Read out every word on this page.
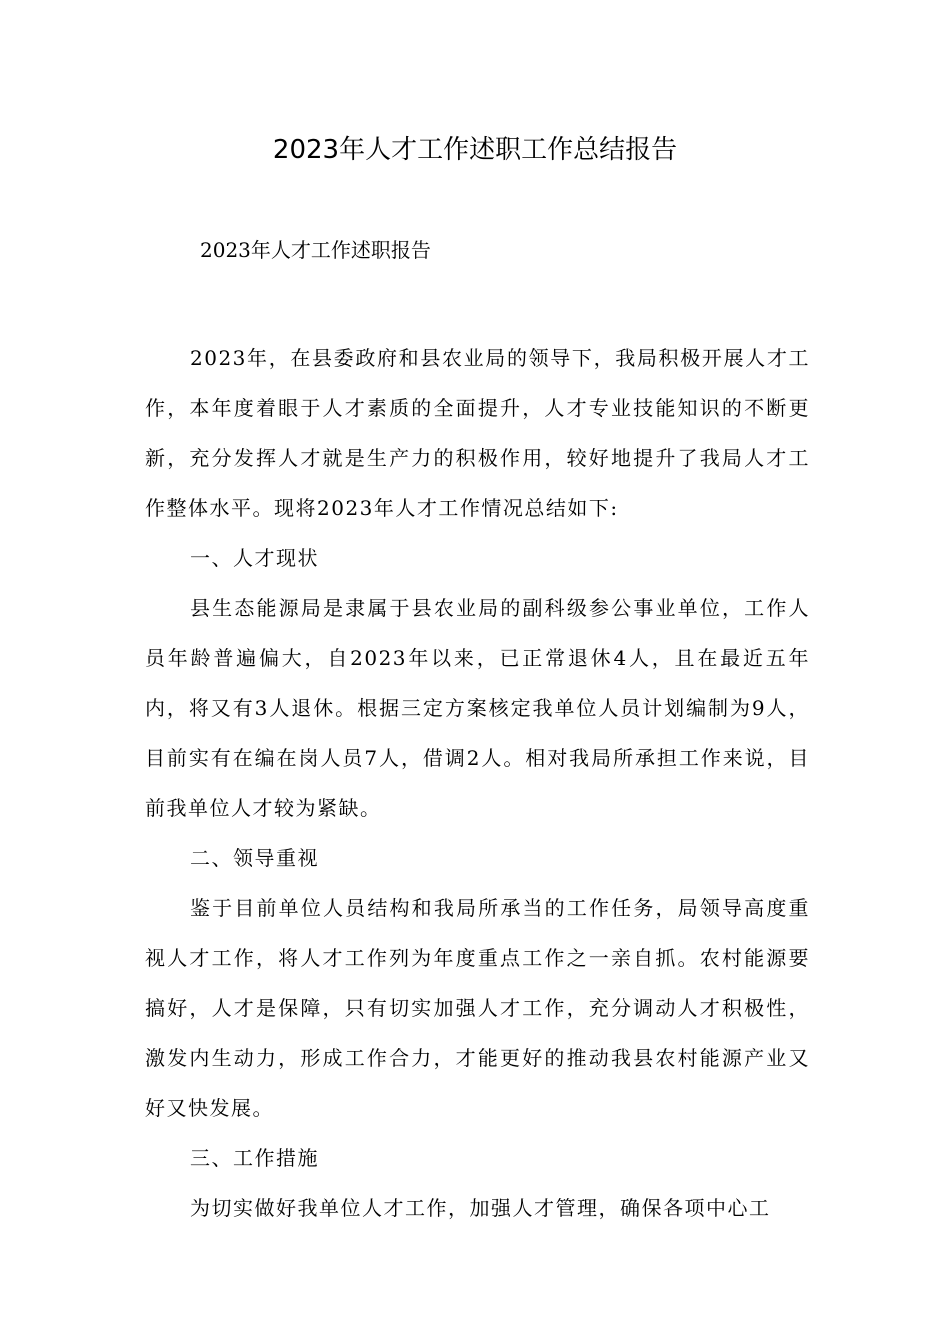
2023年人才工作述职工作总结报告
2023年人才工作述职报告

2023年，在县委政府和县农业局的领导下，我局积极开展人才工作，本年度着眼于人才素质的全面提升，人才专业技能知识的不断更新，充分发挥人才就是生产力的积极作用，较好地提升了我局人才工作整体水平。现将2023年人才工作情况总结如下:

一、人才现状

县生态能源局是隶属于县农业局的副科级参公事业单位，工作人员年龄普遍偏大，自2023年以来，已正常退休4人，且在最近五年内，将又有3人退休。根据三定方案核定我单位人员计划编制为9人，目前实有在编在岗人员7人，借调2人。相对我局所承担工作来说，目前我单位人才较为紧缺。

二、领导重视

鉴于目前单位人员结构和我局所承当的工作任务，局领导高度重视人才工作，将人才工作列为年度重点工作之一亲自抓。农村能源要搞好，人才是保障，只有切实加强人才工作，充分调动人才积极性，激发内生动力，形成工作合力，才能更好的推动我县农村能源产业又好又快发展。

三、工作措施

为切实做好我单位人才工作，加强人才管理，确保各项中心工
